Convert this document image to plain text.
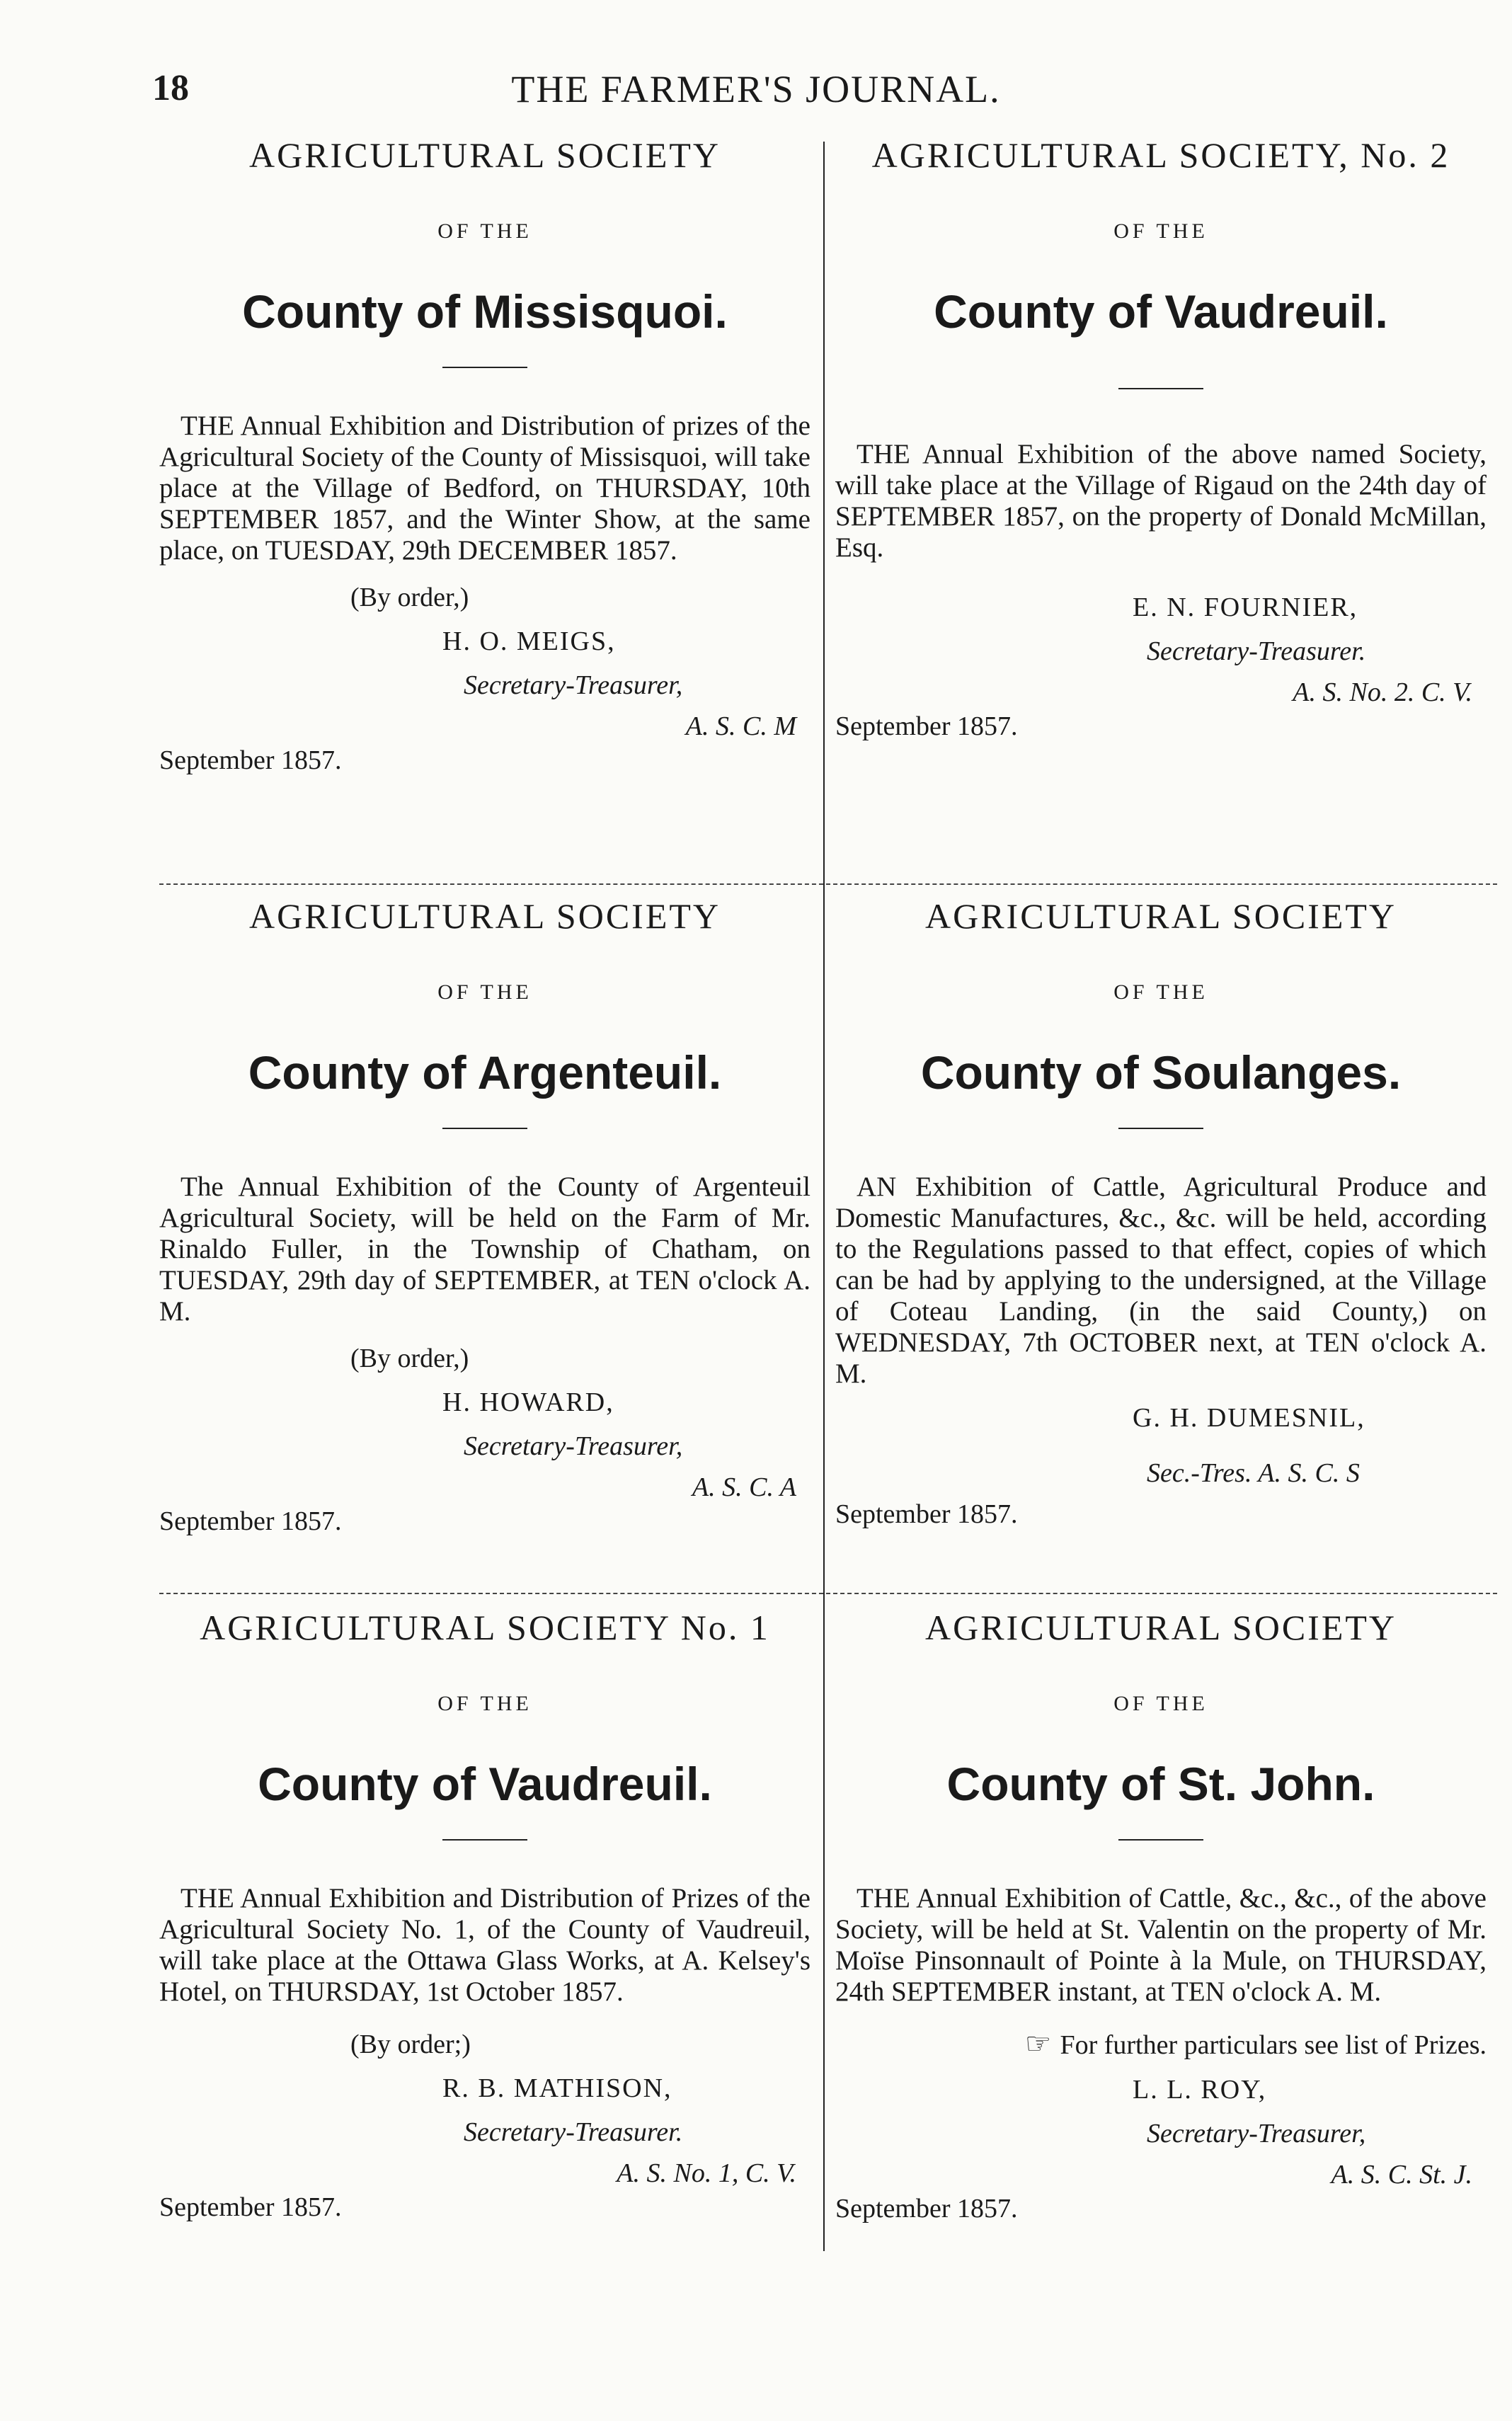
18	THE FARMER'S JOURNAL.
AGRICULTURAL SOCIETY
OF THE
County of Missisquoi.
THE Annual Exhibition and Distribution of prizes of the Agricultural Society of the County of Missisquoi, will take place at the Village of Bedford, on THURSDAY, 10th SEPTEMBER 1857, and the Winter Show, at the same place, on TUESDAY, 29th DECEMBER 1857.
(By order,)
H. O. MEIGS,
Secretary-Treasurer,
A. S. C. M
September 1857.
AGRICULTURAL SOCIETY, No. 2
OF THE
County of Vaudreuil.
THE Annual Exhibition of the above named Society, will take place at the Village of Rigaud on the 24th day of SEPTEMBER 1857, on the property of Donald McMillan, Esq.
E. N. FOURNIER,
Secretary-Treasurer.
A. S. No. 2. C. V.
September 1857.
AGRICULTURAL SOCIETY
OF THE
County of Argenteuil.
The Annual Exhibition of the County of Argenteuil Agricultural Society, will be held on the Farm of Mr. Rinaldo Fuller, in the Township of Chatham, on TUESDAY, 29th day of SEPTEMBER, at TEN o'clock A. M.
(By order,)
H. HOWARD,
Secretary-Treasurer,
A. S. C. A
September 1857.
AGRICULTURAL SOCIETY
OF THE
County of Soulanges.
AN Exhibition of Cattle, Agricultural Produce and Domestic Manufactures, &c., &c. will be held, according to the Regulations passed to that effect, copies of which can be had by applying to the undersigned, at the Village of Coteau Landing, (in the said County,) on WEDNESDAY, 7th OCTOBER next, at TEN o'clock A. M.
G. H. DUMESNIL,
Sec.-Tres. A. S. C. S
September 1857.
AGRICULTURAL SOCIETY No. 1
OF THE
County of Vaudreuil.
THE Annual Exhibition and Distribution of Prizes of the Agricultural Society No. 1, of the County of Vaudreuil, will take place at the Ottawa Glass Works, at A. Kelsey's Hotel, on THURSDAY, 1st October 1857.
(By order;)
R. B. MATHISON,
Secretary-Treasurer.
A. S. No. 1, C. V.
September 1857.
AGRICULTURAL SOCIETY
OF THE
County of St. John.
THE Annual Exhibition of Cattle, &c., &c., of the above Society, will be held at St. Valentin on the property of Mr. Moïse Pinsonnault of Pointe à la Mule, on THURSDAY, 24th SEPTEMBER instant, at TEN o'clock A. M.
☞ For further particulars see list of Prizes.
L. L. ROY,
Secretary-Treasurer,
A. S. C. St. J.
September 1857.
